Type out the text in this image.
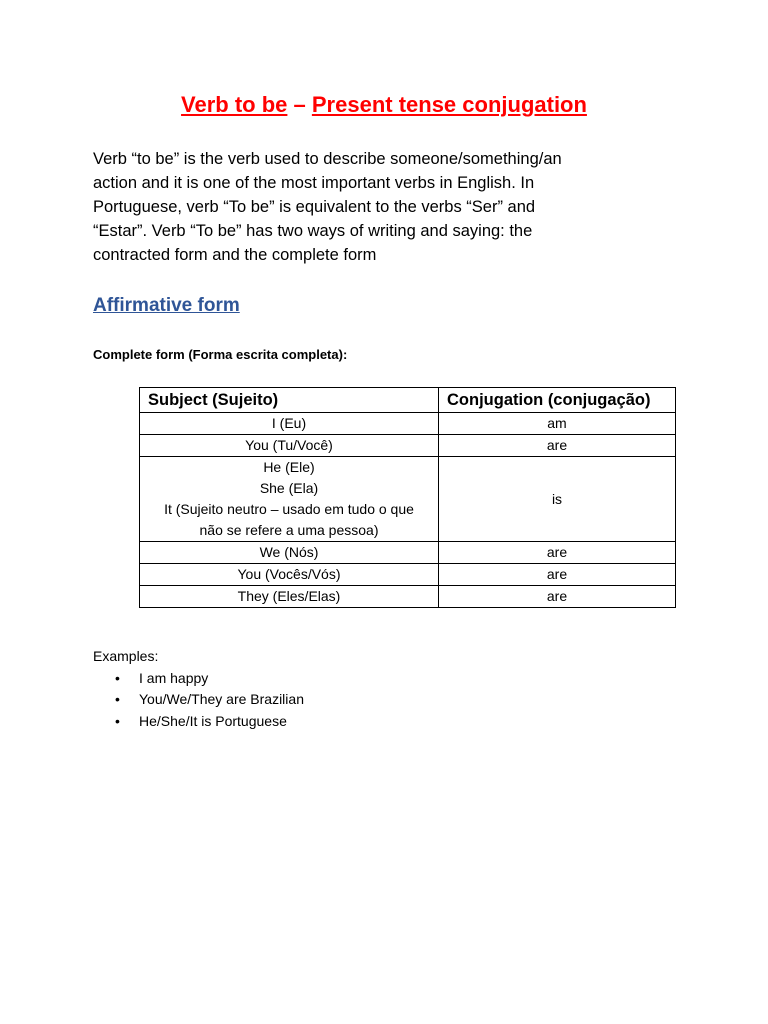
Verb to be – Present tense conjugation

Verb “to be” is the verb used to describe someone/something/an
action and it is one of the most important verbs in English. In
Portuguese, verb “To be” is equivalent to the verbs “Ser” and
“Estar”. Verb “To be” has two ways of writing and saying: the
contracted form and the complete form

Affirmative form
Complete form (Forma escrita completa):
Subject (Sujeito)	Conjugation (conjugação)
I (Eu)	am
You (Tu/Você)	are

He (Ele)
She (Ela)
It (Sujeito neutro – usado em tudo o que não se refere a uma pessoa)	is
We (Nós)	are
You (Vocês/Vós)	are
They (Eles/Elas)	are
Examples:
• I am happy
• You/We/They are Brazilian
• He/She/It is Portuguese
